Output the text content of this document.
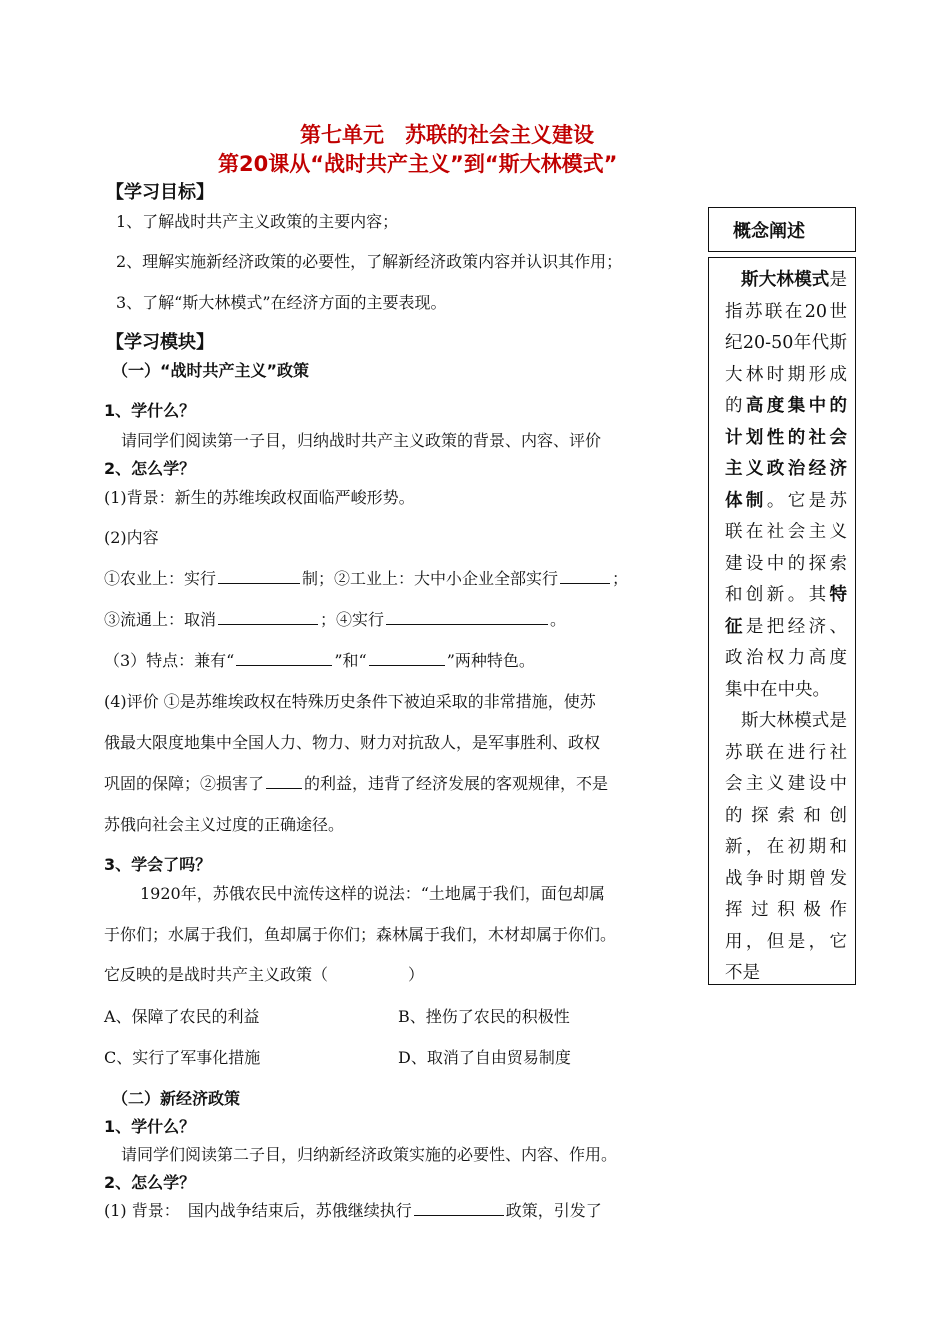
第七单元　苏联的社会主义建设
第20课从“战时共产主义”到“斯大林模式”
【学习目标】
1、了解战时共产主义政策的主要内容；
2、理解实施新经济政策的必要性，了解新经济政策内容并认识其作用；
3、了解“斯大林模式”在经济方面的主要表现。
【学习模块】
（一）“战时共产主义”政策
1、学什么？
请同学们阅读第一子目，归纳战时共产主义政策的背景、内容、评价
2、怎么学？
(1)背景：新生的苏维埃政权面临严峻形势。
(2)内容
①农业上：实行	制；②工业上：大中小企业全部实行	；
③流通上：取消	；④实行	。
（3）特点：兼有“	”和“	”两种特色。
(4)评价 ①是苏维埃政权在特殊历史条件下被迫采取的非常措施，使苏
俄最大限度地集中全国人力、物力、财力对抗敌人，是军事胜利、政权
巩固的保障；②损害了	的利益，违背了经济发展的客观规律，不是
苏俄向社会主义过度的正确途径。
3、学会了吗？
1920年，苏俄农民中流传这样的说法：“土地属于我们，面包却属
于你们；水属于我们，鱼却属于你们；森林属于我们，木材却属于你们。
它反映的是战时共产主义政策（　　　　　）
A、保障了农民的利益	B、挫伤了农民的积极性
C、实行了军事化措施	D、取消了自由贸易制度
（二）新经济政策
1、学什么？
请同学们阅读第二子目，归纳新经济政策实施的必要性、内容、作用。
2、怎么学？
(1) 背景：　国内战争结束后，苏俄继续执行	政策，引发了
概念阐述

斯大林模式是指苏联在20世纪20-50年代斯大林时期形成的高度集中的计划性的社会主义政治经济体制。它是苏联在社会主义建设中的探索和创新。其特征是把经济、政治权力高度集中在中央。

斯大林模式是苏联在进行社会主义建设中的探索和创新，在初期和战争时期曾发挥过积极作用，但是，它不是
